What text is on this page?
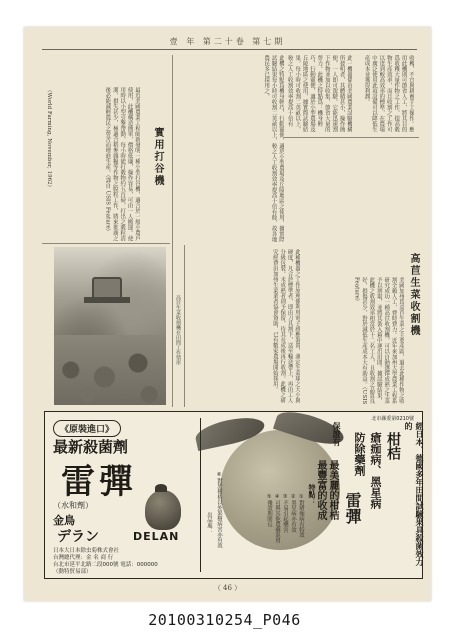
壹 年 第二十卷 第七期
收穫，不宜與耕畜手工操作。應用此機則可節省人工，將其目的爲收穫大量作物之工作，提高穀物生產效率，而且收割之工作可以達到較高效率的標準，在農場中廣泛使用此項設備可以降低生產成本並獲得利潤。
此一機器係由美國農業試驗機構所發明者，其體積甚小，操作簡便，一人即可駕駛。它能迅速割下作物並加以收集，節省大量的勞力。此機之特點爲：機身輕巧，行動靈便，適於小型農場及丘陵地區之使用，據實際試驗結果，每小時可收割二英畝以上，較之人工收割效率提高十倍有
此機之特點爲機身輕巧，行動靈便，適於小型農場及丘陵地區之使用，據實際試驗結果每小時可收割二英畝以上，較之人工收割效率提高十倍有餘，故各地農民多已採用之。
最近美國農業工程師新發明一種小型打谷機，適合於一般小農戶使用，此機構造簡單，價格低廉，操作容易，可由一人搬運。使用時以小型引擎帶動，每小時能打穀物約五百磅，打出之穀粒清潔，損失甚少，極適合稻麥雜糧等作物之脫粒工作，將來推廣之後必能減輕農民之勞苦而增進生產。（譯自 USIS Feature）	實用打谷機
（World Farming, November, 1962）
高苣生菜收割機在田間工作情形	此種機器之工作原理係利用電子感應裝置，測定生菜球之大小與硬度，凡合於標準者，即由刀具割下，送至輸送帶上，再由工人分級包裝。未成熟者則予保留，待其長成後再行收割。此機之研究經費由加州生菜業者協會資助，已有數家農場開始採用。	美國加州爲高苣生菜之主要產區，過去此種作物之收割全賴人工，費時費力。近年來加州大學農業工程系研究成功一種高苣收割機，可以自動選擇成熟之生菜予以割取，並將其裝入箱中運出田間。據試驗結果，此機之收割效率相當於十二名工人，且收割之品質良好，損傷甚少，對於減低生產成本大有助益。（USIS Feature）	高苣生菜收割機
北市縣委第0210號
《原裝進口》
最新殺菌劑
雷彈
（水和劑）
金鳥
デラン	DELAN
日本大日本除虫菊株式會社
台灣總代理：金 名 商 行
台北市延平北路二段000號 電話：000000
（動特貿易部）
出品處： ⑥對於柑桔以外果樹病害亦有效	特點：
①對瘡痂病有特效
②黑星病亦有效
③不易引起藥害
④可與其他農藥混用
⑤殘效期間長	經日本、德國多年田間試驗果具殺菌效力的
柑桔
瘡痂病、黑星病
防除藥劑
雷彈
最美麗的柑桔
最豐富的收成
保證有
（ 46 ）
20100310254_P046
